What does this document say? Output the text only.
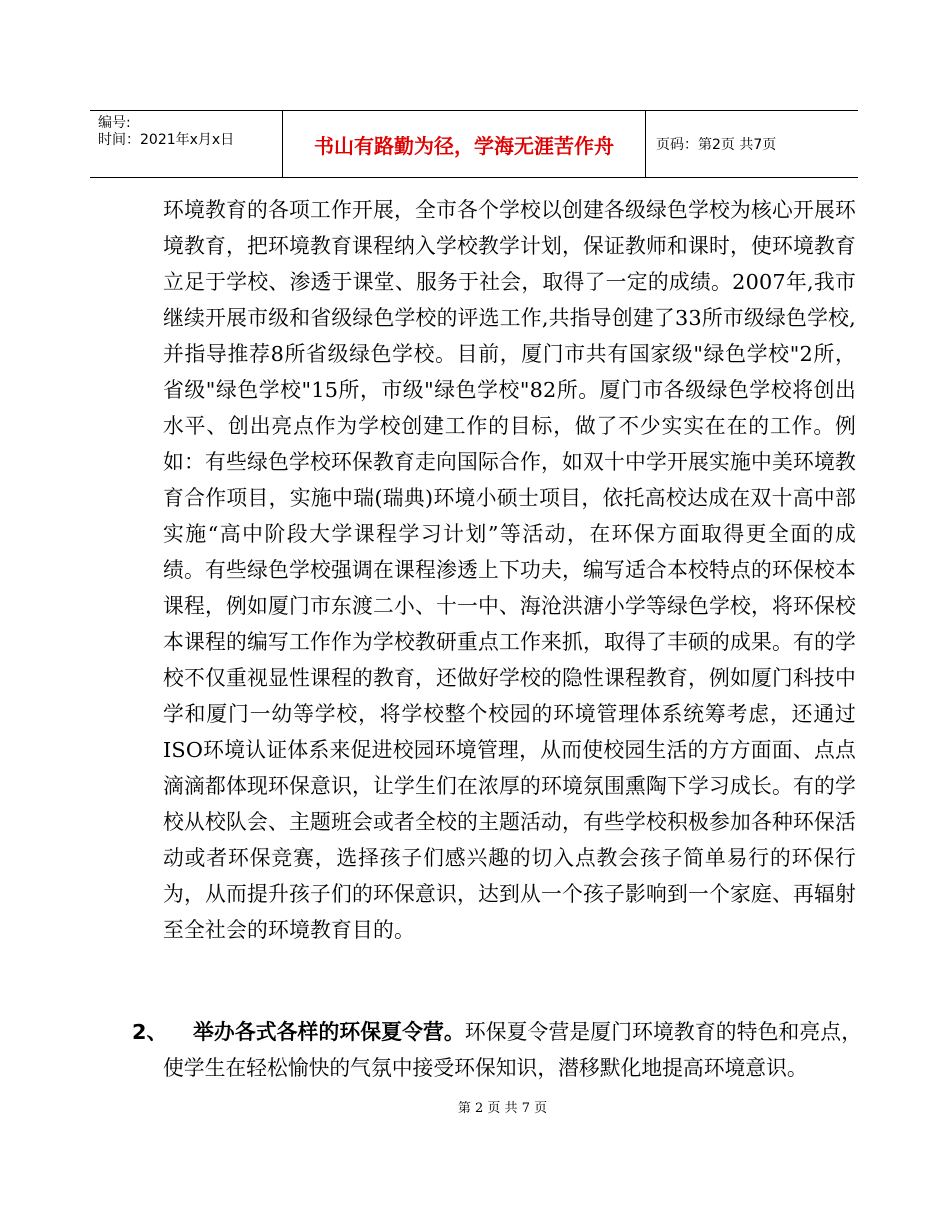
编号:
时间：2021年x月x日	书山有路勤为径，学海无涯苦作舟	页码：第2页 共7页

环境教育的各项工作开展，全市各个学校以创建各级绿色学校为核心开展环境教育，把环境教育课程纳入学校教学计划，保证教师和课时，使环境教育立足于学校、渗透于课堂、服务于社会，取得了一定的成绩。2007年,我市继续开展市级和省级绿色学校的评选工作,共指导创建了33所市级绿色学校,并指导推荐8所省级绿色学校。目前，厦门市共有国家级"绿色学校"2所，省级"绿色学校"15所，市级"绿色学校"82所。厦门市各级绿色学校将创出水平、创出亮点作为学校创建工作的目标，做了不少实实在在的工作。例如：有些绿色学校环保教育走向国际合作，如双十中学开展实施中美环境教育合作项目，实施中瑞(瑞典)环境小硕士项目，依托高校达成在双十高中部实施“高中阶段大学课程学习计划”等活动，在环保方面取得更全面的成绩。有些绿色学校强调在课程渗透上下功夫，编写适合本校特点的环保校本课程，例如厦门市东渡二小、十一中、海沧洪溏小学等绿色学校，将环保校本课程的编写工作作为学校教研重点工作来抓，取得了丰硕的成果。有的学校不仅重视显性课程的教育，还做好学校的隐性课程教育，例如厦门科技中学和厦门一幼等学校，将学校整个校园的环境管理体系统筹考虑，还通过ISO环境认证体系来促进校园环境管理，从而使校园生活的方方面面、点点滴滴都体现环保意识，让学生们在浓厚的环境氛围熏陶下学习成长。有的学校从校队会、主题班会或者全校的主题活动，有些学校积极参加各种环保活动或者环保竞赛，选择孩子们感兴趣的切入点教会孩子简单易行的环保行为，从而提升孩子们的环保意识，达到从一个孩子影响到一个家庭、再辐射至全社会的环境教育目的。

2、	举办各式各样的环保夏令营。环保夏令营是厦门环境教育的特色和亮点，使学生在轻松愉快的气氛中接受环保知识，潜移默化地提高环境意识。
第 2 页 共 7 页
